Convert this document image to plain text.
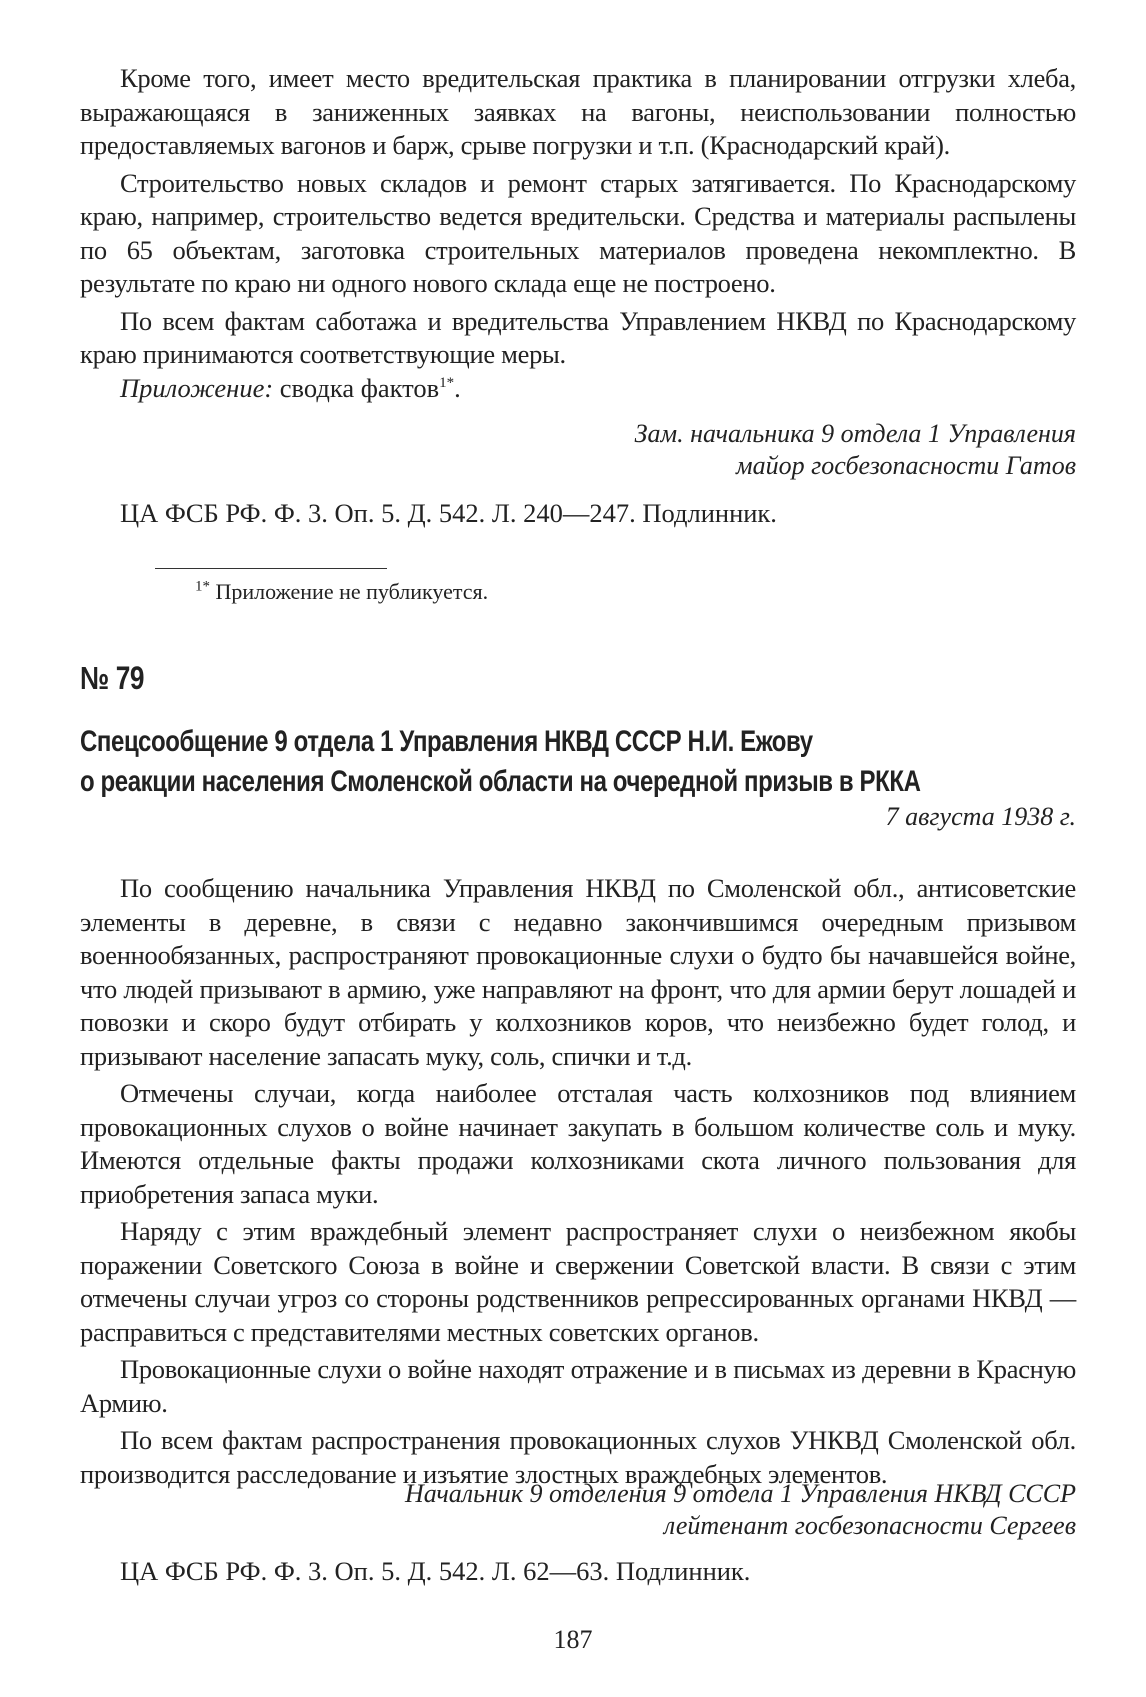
Кроме того, имеет место вредительская практика в планировании отгрузки хлеба, выражающаяся в заниженных заявках на вагоны, неиспользовании полностью предоставляемых вагонов и барж, срыве погрузки и т.п. (Краснодарский край).

Строительство новых складов и ремонт старых затягивается. По Краснодарскому краю, например, строительство ведется вредительски. Средства и материалы распылены по 65 объектам, заготовка строительных материалов проведена некомплектно. В результате по краю ни одного нового склада еще не построено.

По всем фактам саботажа и вредительства Управлением НКВД по Краснодарскому краю принимаются соответствующие меры.

Приложение: сводка фактов$^{1*}$.

Зам. начальника 9 отдела 1 Управления

майор госбезопасности Гатов

ЦА ФСБ РФ. Ф. 3. Оп. 5. Д. 542. Л. 240—247. Подлинник.

$^{1*}$ Приложение не публикуется.
№ 79
Спецсообщение 9 отдела 1 Управления НКВД СССР Н.И. Ежову
о реакции населения Смоленской области на очередной призыв в РККА
7 августа 1938 г.

По сообщению начальника Управления НКВД по Смоленской обл., антисоветские элементы в деревне, в связи с недавно закончившимся очередным призывом военнообязанных, распространяют провокационные слухи о будто бы начавшейся войне, что людей призывают в армию, уже направляют на фронт, что для армии берут лошадей и повозки и скоро будут отбирать у колхозников коров, что неизбежно будет голод, и призывают население запасать муку, соль, спички и т.д.

Отмечены случаи, когда наиболее отсталая часть колхозников под влиянием провокационных слухов о войне начинает закупать в большом количестве соль и муку. Имеются отдельные факты продажи колхозниками скота личного пользования для приобретения запаса муки.

Наряду с этим враждебный элемент распространяет слухи о неизбежном якобы поражении Советского Союза в войне и свержении Советской власти. В связи с этим отмечены случаи угроз со стороны родственников репрессированных органами НКВД — расправиться с представителями местных советских органов.

Провокационные слухи о войне находят отражение и в письмах из деревни в Красную Армию.

По всем фактам распространения провокационных слухов УНКВД Смоленской обл. производится расследование и изъятие злостных враждебных элементов.

Начальник 9 отделения 9 отдела 1 Управления НКВД СССР

лейтенант госбезопасности Сергеев

ЦА ФСБ РФ. Ф. 3. Оп. 5. Д. 542. Л. 62—63. Подлинник.

187
